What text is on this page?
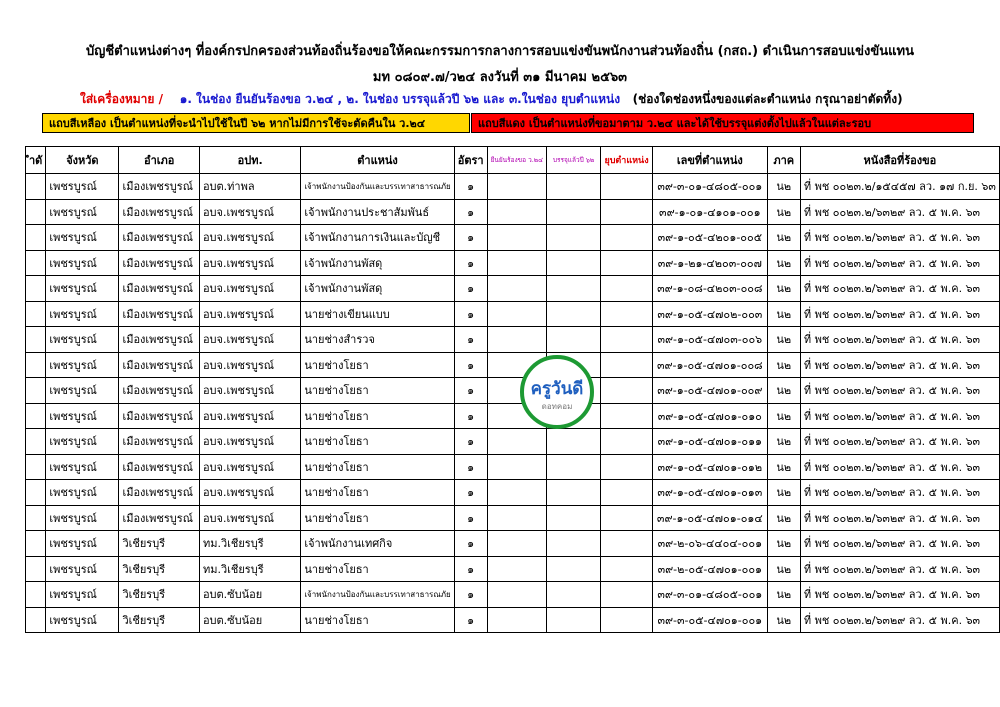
บัญชีตำแหน่งต่างๆ ที่องค์กรปกครองส่วนท้องถิ่นร้องขอให้คณะกรรมการกลางการสอบแข่งขันพนักงานส่วนท้องถิ่น (กสถ.) ดำเนินการสอบแข่งขันแทน
มท ๐๘๐๙.๗/ว๒๔ ลงวันที่ ๓๑ มีนาคม ๒๕๖๓
ใส่เครื่องหมาย / ๑. ในช่อง ยืนยันร้องขอ ว.๒๔ , ๒. ในช่อง บรรจุแล้วปี ๖๒ และ ๓.ในช่อง ยุบตำแหน่ง (ช่องใดช่องหนึ่งของแต่ละตำแหน่ง กรุณาอย่าตัดทิ้ง)
แถบสีเหลือง เป็นตำแหน่งที่จะนำไปใช้ในปี ๖๒ หากไม่มีการใช้จะตัดคืนใน ว.๒๔	แถบสีแดง เป็นตำแหน่งที่ขอมาตาม ว.๒๔ และได้ใช้บรรจุแต่งตั้งไปแล้วในแต่ละรอบ
ำดั	จังหวัด	อำเภอ	อปท.	ตำแหน่ง	อัตรา	ยืนยันร้องขอ ว.๒๔	บรรจุแล้วปี ๖๒	ยุบตำแหน่ง	เลขที่ตำแหน่ง	ภาค	หนังสือที่ร้องขอ
	เพชรบูรณ์	เมืองเพชรบูรณ์	อบต.ท่าพล	เจ้าพนักงานป้องกันและบรรเทาสาธารณภัย	๑				๓๙-๓-๐๑-๔๘๐๕-๐๐๑	น๒	ที่ พช ๐๐๒๓.๒/๑๕๔๕๗ ลว. ๑๗ ก.ย. ๖๓
	เพชรบูรณ์	เมืองเพชรบูรณ์	อบจ.เพชรบูรณ์	เจ้าพนักงานประชาสัมพันธ์	๑				๓๙-๑-๐๑-๔๑๐๑-๐๐๑	น๒	ที่ พช ๐๐๒๓.๒/๖๓๒๙ ลว. ๕ พ.ค. ๖๓
	เพชรบูรณ์	เมืองเพชรบูรณ์	อบจ.เพชรบูรณ์	เจ้าพนักงานการเงินและบัญชี	๑				๓๙-๑-๐๕-๔๒๐๑-๐๐๕	น๒	ที่ พช ๐๐๒๓.๒/๖๓๒๙ ลว. ๕ พ.ค. ๖๓
	เพชรบูรณ์	เมืองเพชรบูรณ์	อบจ.เพชรบูรณ์	เจ้าพนักงานพัสดุ	๑				๓๙-๑-๒๑-๔๒๐๓-๐๐๗	น๒	ที่ พช ๐๐๒๓.๒/๖๓๒๙ ลว. ๕ พ.ค. ๖๓
	เพชรบูรณ์	เมืองเพชรบูรณ์	อบจ.เพชรบูรณ์	เจ้าพนักงานพัสดุ	๑				๓๙-๑-๐๘-๔๒๐๓-๐๐๘	น๒	ที่ พช ๐๐๒๓.๒/๖๓๒๙ ลว. ๕ พ.ค. ๖๓
	เพชรบูรณ์	เมืองเพชรบูรณ์	อบจ.เพชรบูรณ์	นายช่างเขียนแบบ	๑				๓๙-๑-๐๕-๔๗๐๒-๐๐๓	น๒	ที่ พช ๐๐๒๓.๒/๖๓๒๙ ลว. ๕ พ.ค. ๖๓
	เพชรบูรณ์	เมืองเพชรบูรณ์	อบจ.เพชรบูรณ์	นายช่างสำรวจ	๑				๓๙-๑-๐๕-๔๗๐๓-๐๐๖	น๒	ที่ พช ๐๐๒๓.๒/๖๓๒๙ ลว. ๕ พ.ค. ๖๓
	เพชรบูรณ์	เมืองเพชรบูรณ์	อบจ.เพชรบูรณ์	นายช่างโยธา	๑				๓๙-๑-๐๕-๔๗๐๑-๐๐๘	น๒	ที่ พช ๐๐๒๓.๒/๖๓๒๙ ลว. ๕ พ.ค. ๖๓
	เพชรบูรณ์	เมืองเพชรบูรณ์	อบจ.เพชรบูรณ์	นายช่างโยธา	๑				๓๙-๑-๐๕-๔๗๐๑-๐๐๙	น๒	ที่ พช ๐๐๒๓.๒/๖๓๒๙ ลว. ๕ พ.ค. ๖๓
	เพชรบูรณ์	เมืองเพชรบูรณ์	อบจ.เพชรบูรณ์	นายช่างโยธา	๑				๓๙-๑-๐๕-๔๗๐๑-๐๑๐	น๒	ที่ พช ๐๐๒๓.๒/๖๓๒๙ ลว. ๕ พ.ค. ๖๓
	เพชรบูรณ์	เมืองเพชรบูรณ์	อบจ.เพชรบูรณ์	นายช่างโยธา	๑				๓๙-๑-๐๕-๔๗๐๑-๐๑๑	น๒	ที่ พช ๐๐๒๓.๒/๖๓๒๙ ลว. ๕ พ.ค. ๖๓
	เพชรบูรณ์	เมืองเพชรบูรณ์	อบจ.เพชรบูรณ์	นายช่างโยธา	๑				๓๙-๑-๐๕-๔๗๐๑-๐๑๒	น๒	ที่ พช ๐๐๒๓.๒/๖๓๒๙ ลว. ๕ พ.ค. ๖๓
	เพชรบูรณ์	เมืองเพชรบูรณ์	อบจ.เพชรบูรณ์	นายช่างโยธา	๑				๓๙-๑-๐๕-๔๗๐๑-๐๑๓	น๒	ที่ พช ๐๐๒๓.๒/๖๓๒๙ ลว. ๕ พ.ค. ๖๓
	เพชรบูรณ์	เมืองเพชรบูรณ์	อบจ.เพชรบูรณ์	นายช่างโยธา	๑				๓๙-๑-๐๕-๔๗๐๑-๐๑๔	น๒	ที่ พช ๐๐๒๓.๒/๖๓๒๙ ลว. ๕ พ.ค. ๖๓
	เพชรบูรณ์	วิเชียรบุรี	ทม.วิเชียรบุรี	เจ้าพนักงานเทศกิจ	๑				๓๙-๒-๐๖-๔๔๐๔-๐๐๑	น๒	ที่ พช ๐๐๒๓.๒/๖๓๒๙ ลว. ๕ พ.ค. ๖๓
	เพชรบูรณ์	วิเชียรบุรี	ทม.วิเชียรบุรี	นายช่างโยธา	๑				๓๙-๒-๐๕-๔๗๐๑-๐๐๑	น๒	ที่ พช ๐๐๒๓.๒/๖๓๒๙ ลว. ๕ พ.ค. ๖๓
	เพชรบูรณ์	วิเชียรบุรี	อบต.ซับน้อย	เจ้าพนักงานป้องกันและบรรเทาสาธารณภัย	๑				๓๙-๓-๐๑-๔๘๐๕-๐๐๑	น๒	ที่ พช ๐๐๒๓.๒/๖๓๒๙ ลว. ๕ พ.ค. ๖๓
	เพชรบูรณ์	วิเชียรบุรี	อบต.ซับน้อย	นายช่างโยธา	๑				๓๙-๓-๐๕-๔๗๐๑-๐๐๑	น๒	ที่ พช ๐๐๒๓.๒/๖๓๒๙ ลว. ๕ พ.ค. ๖๓
ครูวันดี
ดอทคอม
